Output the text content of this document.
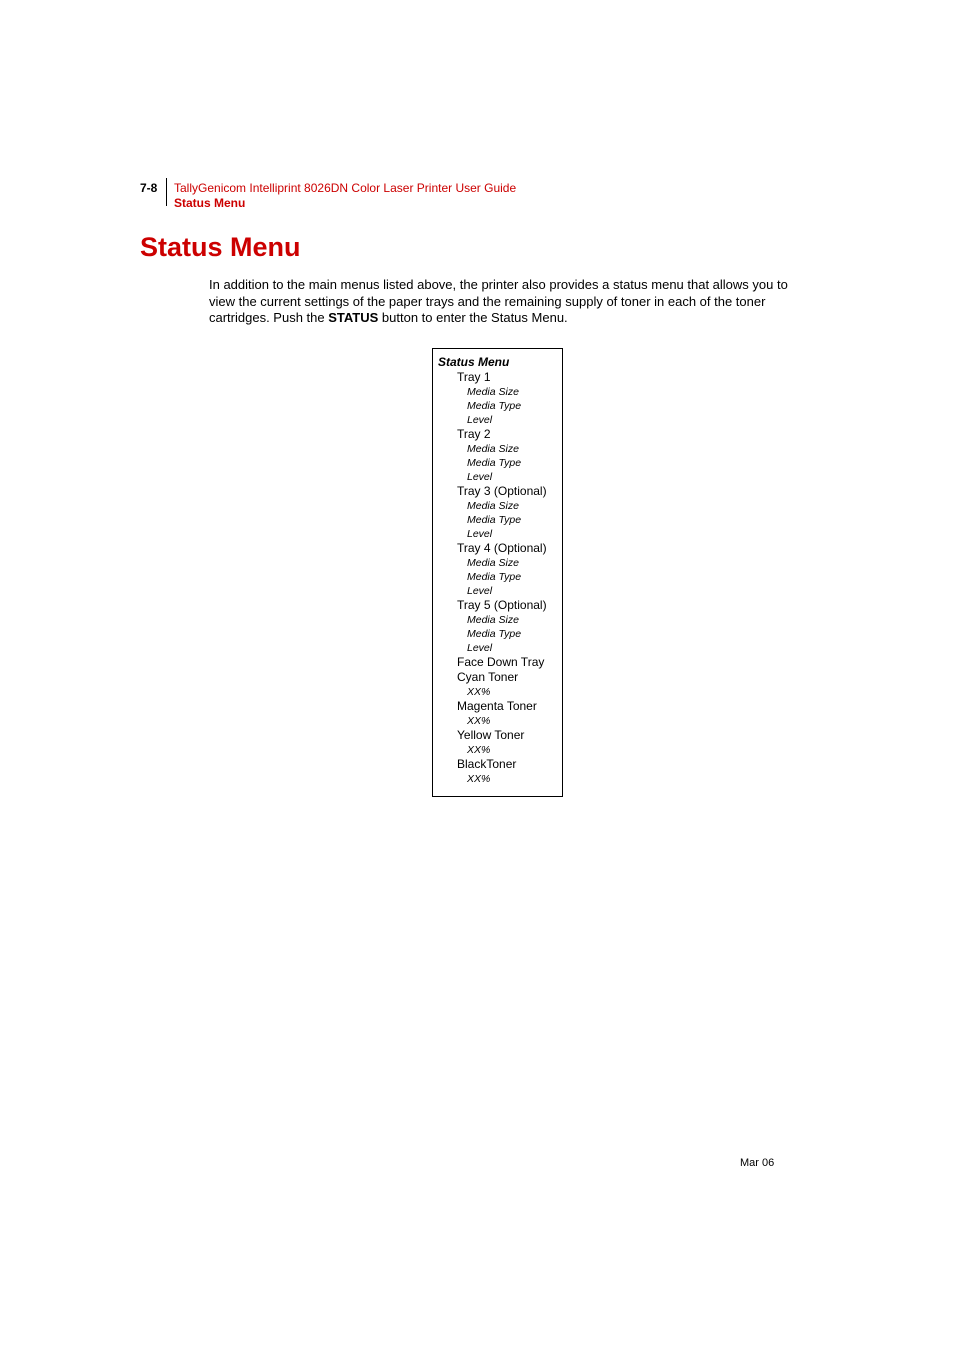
7-8 TallyGenicom Intelliprint 8026DN Color Laser Printer User Guide
Status Menu
Status Menu

In addition to the main menus listed above, the printer also provides a status menu that allows you to view the current settings of the paper trays and the remaining supply of toner in each of the toner cartridges. Push the STATUS button to enter the Status Menu.

Status Menu
Tray 1
Media Size
Media Type
Level
Tray 2
Media Size
Media Type
Level
Tray 3 (Optional)
Media Size
Media Type
Level
Tray 4 (Optional)
Media Size
Media Type
Level
Tray 5 (Optional)
Media Size
Media Type
Level
Face Down Tray
Cyan Toner
XX%
Magenta Toner
XX%
Yellow Toner
XX%
BlackToner
XX%
Mar 06
